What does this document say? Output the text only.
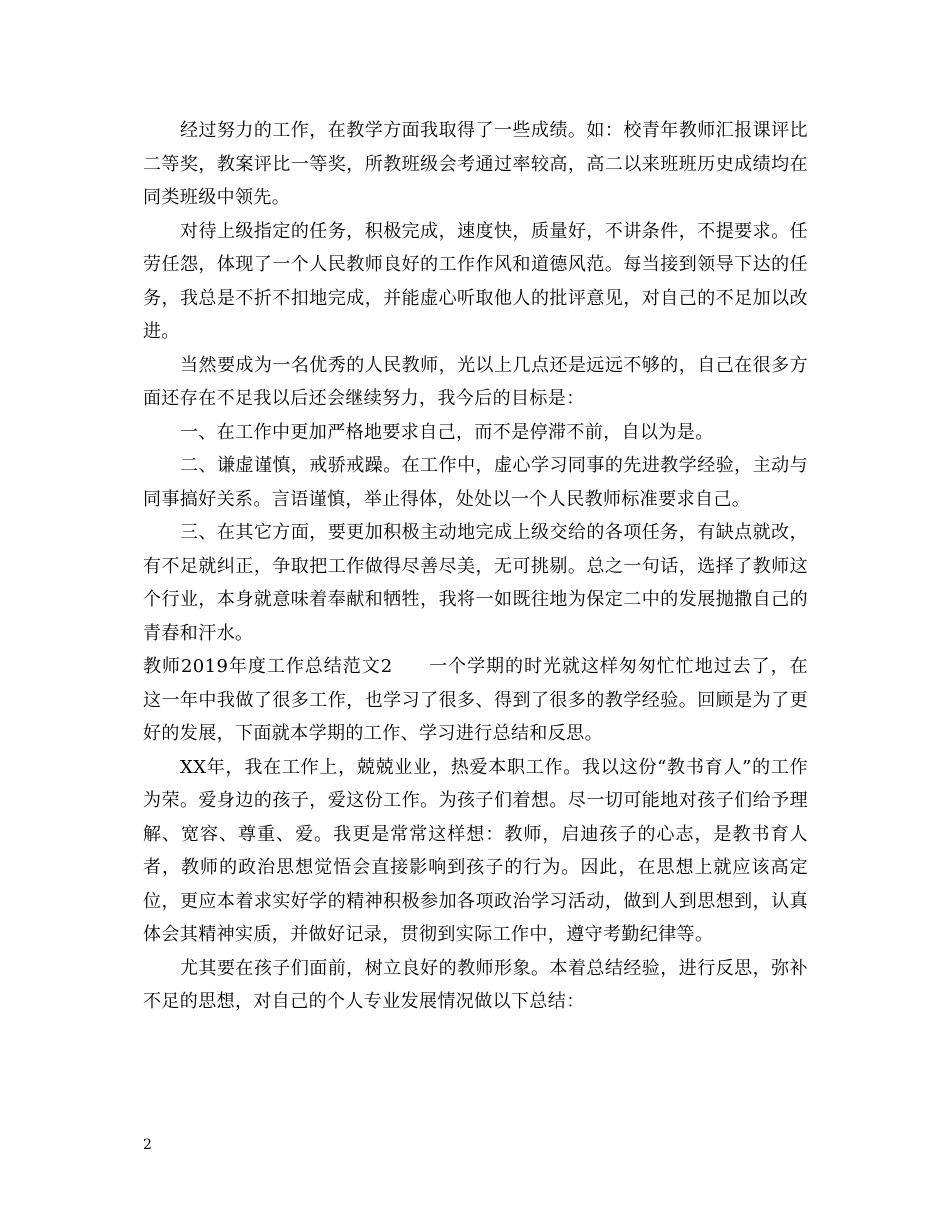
经过努力的工作，在教学方面我取得了一些成绩。如：校青年教师汇报课评比二等奖，教案评比一等奖，所教班级会考通过率较高，高二以来班班历史成绩均在同类班级中领先。

对待上级指定的任务，积极完成，速度快，质量好，不讲条件，不提要求。任劳任怨，体现了一个人民教师良好的工作作风和道德风范。每当接到领导下达的任务，我总是不折不扣地完成，并能虚心听取他人的批评意见，对自己的不足加以改进。

当然要成为一名优秀的人民教师，光以上几点还是远远不够的，自己在很多方面还存在不足我以后还会继续努力，我今后的目标是：

一、在工作中更加严格地要求自己，而不是停滞不前，自以为是。

二、谦虚谨慎，戒骄戒躁。在工作中，虚心学习同事的先进教学经验，主动与同事搞好关系。言语谨慎，举止得体，处处以一个人民教师标准要求自己。

三、在其它方面，要更加积极主动地完成上级交给的各项任务，有缺点就改，有不足就纠正，争取把工作做得尽善尽美，无可挑剔。总之一句话，选择了教师这个行业，本身就意味着奉献和牺牲，我将一如既往地为保定二中的发展抛撒自己的青春和汗水。

教师2019年度工作总结范文2 一个学期的时光就这样匆匆忙忙地过去了，在这一年中我做了很多工作，也学习了很多、得到了很多的教学经验。回顾是为了更好的发展，下面就本学期的工作、学习进行总结和反思。

XX年，我在工作上，兢兢业业，热爱本职工作。我以这份“教书育人”的工作为荣。爱身边的孩子，爱这份工作。为孩子们着想。尽一切可能地对孩子们给予理解、宽容、尊重、爱。我更是常常这样想：教师，启迪孩子的心志，是教书育人者，教师的政治思想觉悟会直接影响到孩子的行为。因此，在思想上就应该高定位，更应本着求实好学的精神积极参加各项政治学习活动，做到人到思想到，认真体会其精神实质，并做好记录，贯彻到实际工作中，遵守考勤纪律等。

尤其要在孩子们面前，树立良好的教师形象。本着总结经验，进行反思，弥补不足的思想，对自己的个人专业发展情况做以下总结：

2
